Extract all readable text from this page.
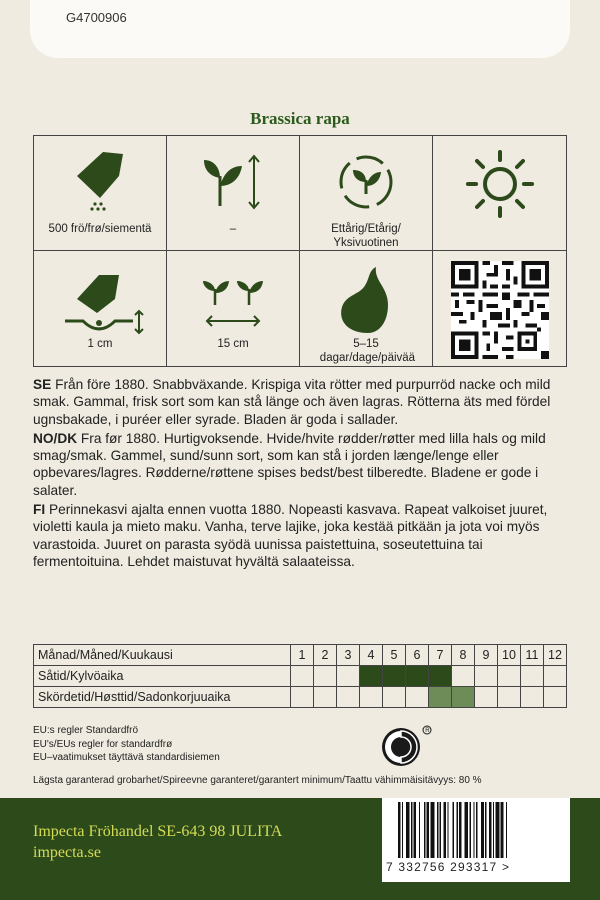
G4700906
Brassica rapa
500 frö/frø/siementä	–	Ettårig/Etårig/ Yksivuotinen
1 cm	15 cm	5–15 dagar/dage/päivää

SE Från före 1880. Snabbväxande. Krispiga vita rötter med purpurröd nacke och mild smak. Gammal, frisk sort som kan stå länge och även lagras. Rötterna äts med fördel ugnsbakade, i puréer eller syrade. Bladen är goda i sallader.

NO/DK Fra før 1880. Hurtigvoksende. Hvide/hvite rødder/røtter med lilla hals og mild smag/smak. Gammel, sund/sunn sort, som kan stå i jorden længe/lenge eller opbevares/lagres. Rødderne/røttene spises bedst/best tilberedte. Bladene er gode i salater.

FI Perinnekasvi ajalta ennen vuotta 1880. Nopeasti kasvava. Rapeat valkoiset juuret, violetti kaula ja mieto maku. Vanha, terve lajike, joka kestää pitkään ja jota voi myös varastoida. Juuret on parasta syödä uunissa paistettuina, soseutettuina tai fermentoituina. Lehdet maistuvat hyvältä salaateissa.

Månad/Måned/Kuukausi	1	2	3	4	5	6	7	8	9	10	11	12
Såtid/Kylvöaika												
Skördetid/Høsttid/Sadonkorjuuaika												
EU:s regler Standardfrö
EU's/EUs regler for standardfrø
EU–vaatimukset täyttävä standardisiemen
Lägsta garanterad grobarhet/Spireevne garanteret/garantert minimum/Taattu vähimmäisitävyys: 80 %
R
Impecta Fröhandel SE-643 98 JULITA
impecta.se
7 332756 293317 >
